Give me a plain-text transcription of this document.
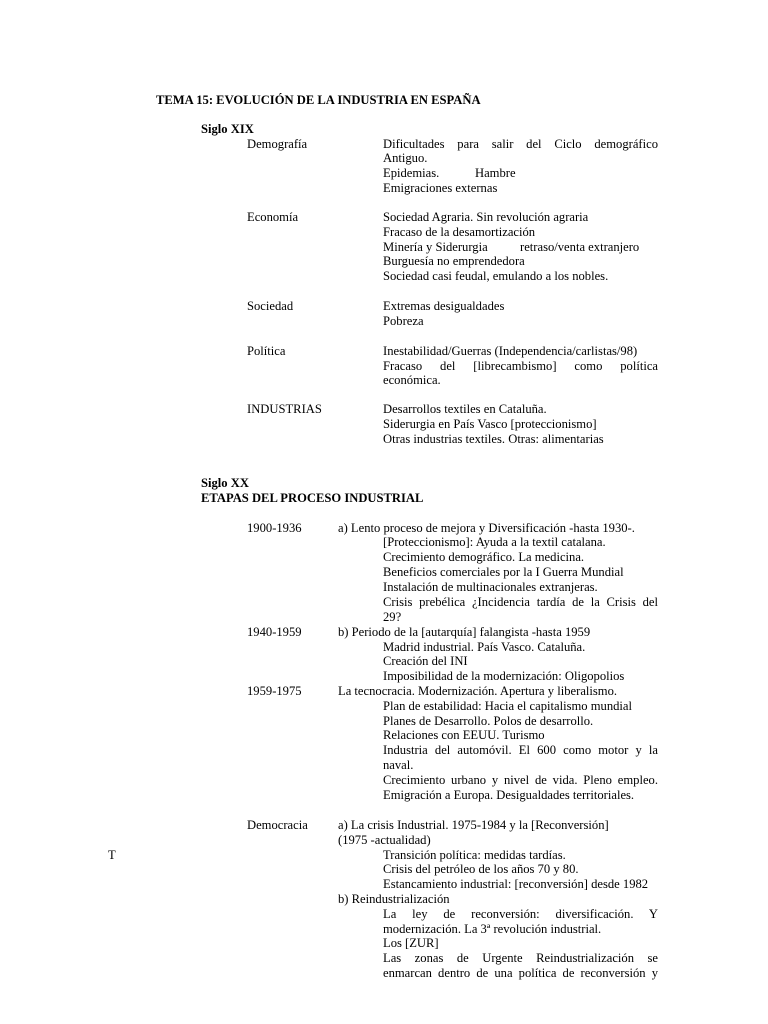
TEMA 15: EVOLUCIÓN DE LA INDUSTRIA EN ESPAÑA
Siglo XIX
Demografía	Dificultades para salir del Ciclo demográfico
Antiguo.
Epidemias.	Hambre
Emigraciones externas
Economía	Sociedad Agraria. Sin revolución agraria
Fracaso de la desamortización
Minería y Siderurgia	retraso/venta extranjero
Burguesía no emprendedora
Sociedad casi feudal, emulando a los nobles.
Sociedad	Extremas desigualdades
Pobreza
Política	Inestabilidad/Guerras (Independencia/carlistas/98)
Fracaso del [librecambismo] como política
económica.
INDUSTRIAS	Desarrollos textiles en Cataluña.
Siderurgia en País Vasco [proteccionismo]
Otras industrias textiles. Otras: alimentarias
Siglo XX
ETAPAS DEL PROCESO INDUSTRIAL
1900-1936	a) Lento proceso de mejora y Diversificación -hasta 1930-.
[Proteccionismo]: Ayuda a la textil catalana.
Crecimiento demográfico. La medicina.
Beneficios comerciales por la I Guerra Mundial
Instalación de multinacionales extranjeras.
Crisis prebélica ¿Incidencia tardía de la Crisis del
29?
1940-1959	b) Periodo de la [autarquía] falangista -hasta 1959
Madrid industrial. País Vasco. Cataluña.
Creación del INI
Imposibilidad de la modernización: Oligopolios
1959-1975	La tecnocracia. Modernización. Apertura y liberalismo.
Plan de estabilidad: Hacia el capitalismo mundial
Planes de Desarrollo. Polos de desarrollo.
Relaciones con EEUU. Turismo
Industria del automóvil. El 600 como motor y la
naval.
Crecimiento urbano y nivel de vida. Pleno empleo.
Emigración a Europa. Desigualdades territoriales.
Democracia a) La crisis Industrial. 1975-1984 y la [Reconversión]
(1975 -actualidad)
T	Transición política: medidas tardías.
Crisis del petróleo de los años 70 y 80.
Estancamiento industrial: [reconversión] desde 1982
b) Reindustrialización
La ley de reconversión: diversificación. Y
modernización. La 3ª revolución industrial.
Los [ZUR]
Las zonas de Urgente Reindustrialización se
enmarcan dentro de una política de reconversión y
